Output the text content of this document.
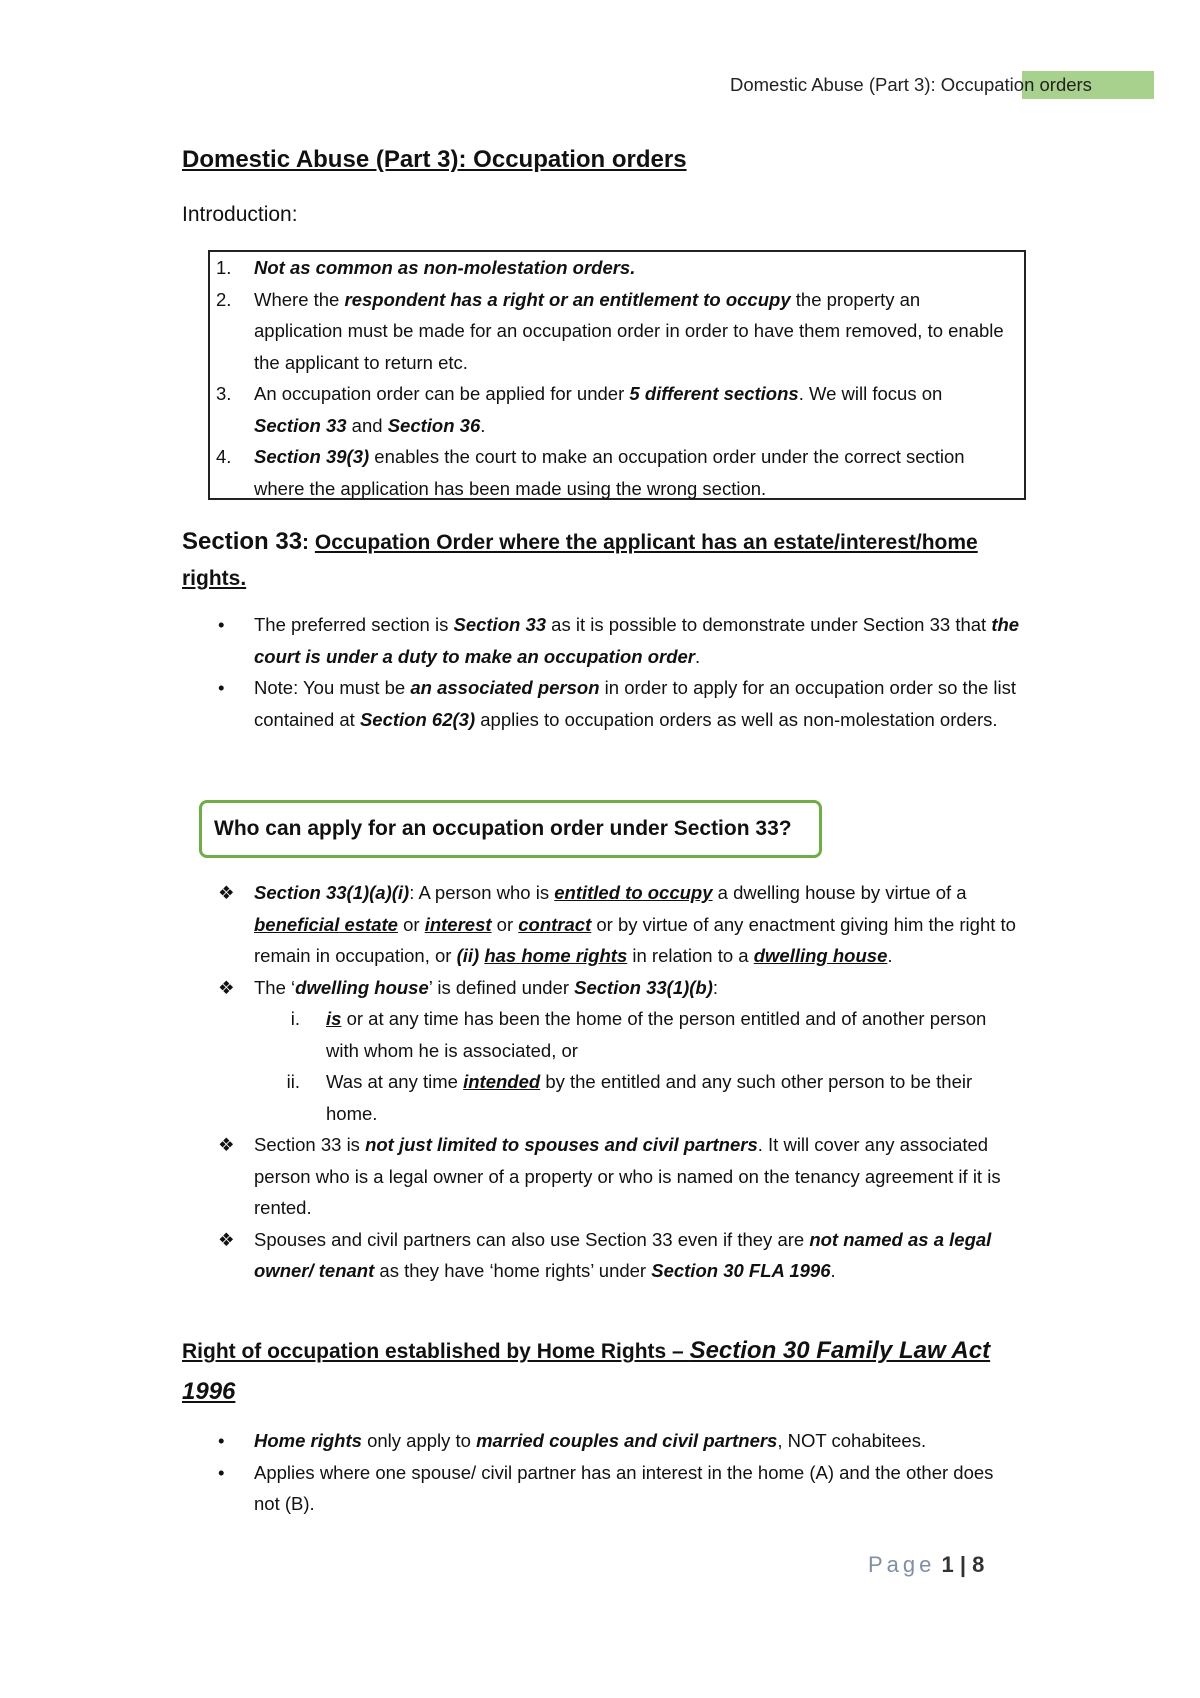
Domestic Abuse (Part 3): Occupation orders
Domestic Abuse (Part 3): Occupation orders
Introduction:
1. Not as common as non-molestation orders.
2. Where the respondent has a right or an entitlement to occupy the property an application must be made for an occupation order in order to have them removed, to enable the applicant to return etc.
3. An occupation order can be applied for under 5 different sections. We will focus on Section 33 and Section 36.
4. Section 39(3) enables the court to make an occupation order under the correct section where the application has been made using the wrong section.
Section 33: Occupation Order where the applicant has an estate/interest/home rights.
• The preferred section is Section 33 as it is possible to demonstrate under Section 33 that the court is under a duty to make an occupation order.
• Note: You must be an associated person in order to apply for an occupation order so the list contained at Section 62(3) applies to occupation orders as well as non-molestation orders.
Who can apply for an occupation order under Section 33?
❖ Section 33(1)(a)(i): A person who is entitled to occupy a dwelling house by virtue of a beneficial estate or interest or contract or by virtue of any enactment giving him the right to remain in occupation, or (ii) has home rights in relation to a dwelling house.
❖ The ‘dwelling house’ is defined under Section 33(1)(b):
i. is or at any time has been the home of the person entitled and of another person with whom he is associated, or
ii. Was at any time intended by the entitled and any such other person to be their home.
❖ Section 33 is not just limited to spouses and civil partners. It will cover any associated person who is a legal owner of a property or who is named on the tenancy agreement if it is rented.
❖ Spouses and civil partners can also use Section 33 even if they are not named as a legal owner/ tenant as they have ‘home rights’ under Section 30 FLA 1996.
Right of occupation established by Home Rights – Section 30 Family Law Act 1996
• Home rights only apply to married couples and civil partners, NOT cohabitees.
• Applies where one spouse/ civil partner has an interest in the home (A) and the other does not (B).
Page 1 | 8
